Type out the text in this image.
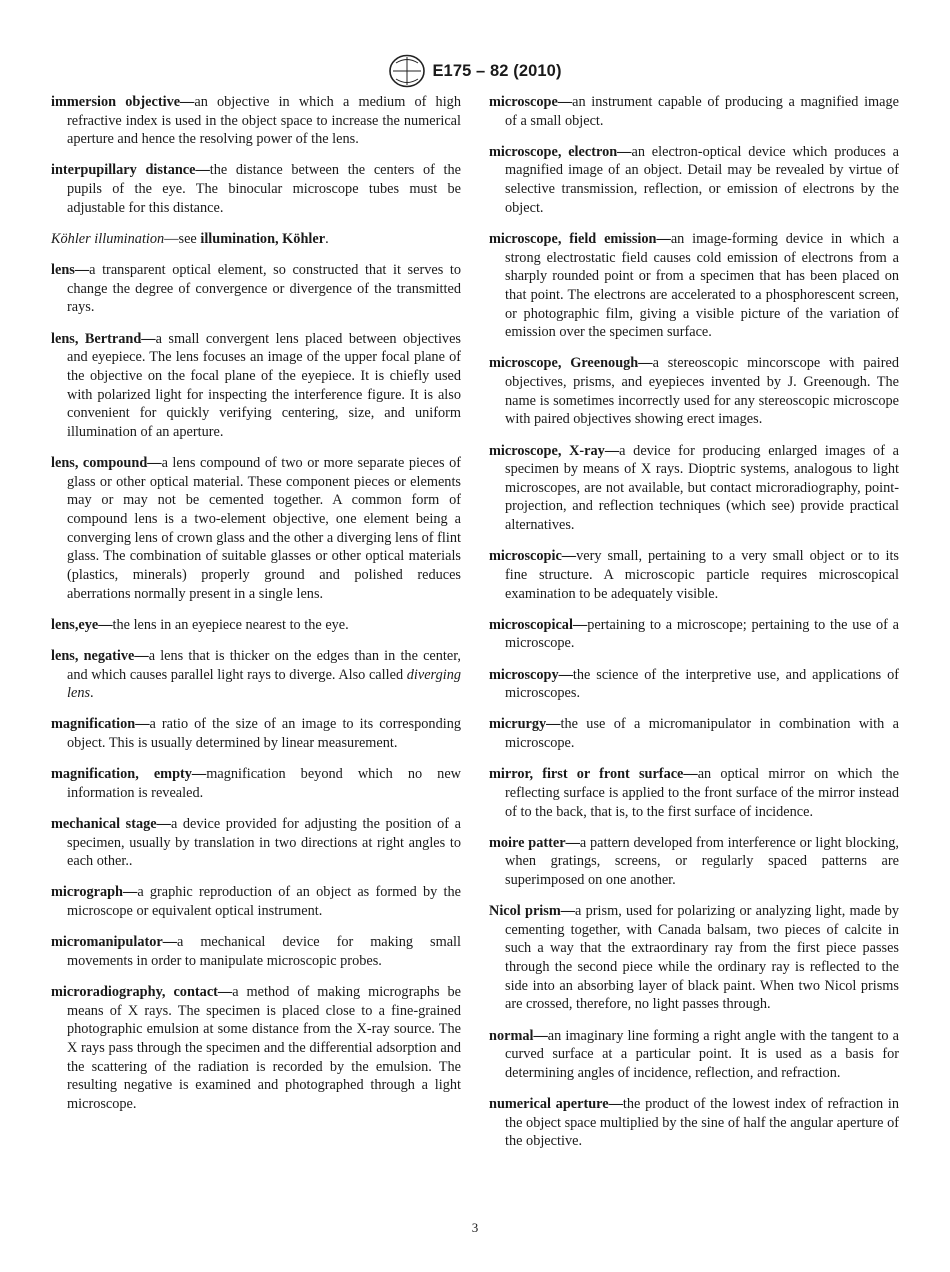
E175 – 82 (2010)

immersion objective—an objective in which a medium of high refractive index is used in the object space to increase the numerical aperture and hence the resolving power of the lens.

interpupillary distance—the distance between the centers of the pupils of the eye. The binocular microscope tubes must be adjustable for this distance.

Köhler illumination—see illumination, Köhler.

lens—a transparent optical element, so constructed that it serves to change the degree of convergence or divergence of the transmitted rays.

lens, Bertrand—a small convergent lens placed between objectives and eyepiece. The lens focuses an image of the upper focal plane of the objective on the focal plane of the eyepiece. It is chiefly used with polarized light for inspecting the interference figure. It is also convenient for quickly verifying centering, size, and uniform illumination of an aperture.

lens, compound—a lens compound of two or more separate pieces of glass or other optical material. These component pieces or elements may or may not be cemented together. A common form of compound lens is a two-element objective, one element being a converging lens of crown glass and the other a diverging lens of flint glass. The combination of suitable glasses or other optical materials (plastics, minerals) properly ground and polished reduces aberrations normally present in a single lens.

lens,eye—the lens in an eyepiece nearest to the eye.

lens, negative—a lens that is thicker on the edges than in the center, and which causes parallel light rays to diverge. Also called diverging lens.

magnification—a ratio of the size of an image to its corresponding object. This is usually determined by linear measurement.

magnification, empty—magnification beyond which no new information is revealed.

mechanical stage—a device provided for adjusting the position of a specimen, usually by translation in two directions at right angles to each other..

micrograph—a graphic reproduction of an object as formed by the microscope or equivalent optical instrument.

micromanipulator—a mechanical device for making small movements in order to manipulate microscopic probes.

microradiography, contact—a method of making micrographs be means of X rays. The specimen is placed close to a fine-grained photographic emulsion at some distance from the X-ray source. The X rays pass through the specimen and the differential adsorption and the scattering of the radiation is recorded by the emulsion. The resulting negative is examined and photographed through a light microscope.

microscope—an instrument capable of producing a magnified image of a small object.

microscope, electron—an electron-optical device which produces a magnified image of an object. Detail may be revealed by virtue of selective transmission, reflection, or emission of electrons by the object.

microscope, field emission—an image-forming device in which a strong electrostatic field causes cold emission of electrons from a sharply rounded point or from a specimen that has been placed on that point. The electrons are accelerated to a phosphorescent screen, or photographic film, giving a visible picture of the variation of emission over the specimen surface.

microscope, Greenough—a stereoscopic mincorscope with paired objectives, prisms, and eyepieces invented by J. Greenough. The name is sometimes incorrectly used for any stereoscopic microscope with paired objectives showing erect images.

microscope, X-ray—a device for producing enlarged images of a specimen by means of X rays. Dioptric systems, analogous to light microscopes, are not available, but contact microradiography, point-projection, and reflection techniques (which see) provide practical alternatives.

microscopic—very small, pertaining to a very small object or to its fine structure. A microscopic particle requires microscopical examination to be adequately visible.

microscopical—pertaining to a microscope; pertaining to the use of a microscope.

microscopy—the science of the interpretive use, and applications of microscopes.

micrurgy—the use of a micromanipulator in combination with a microscope.

mirror, first or front surface—an optical mirror on which the reflecting surface is applied to the front surface of the mirror instead of to the back, that is, to the first surface of incidence.

moire patter—a pattern developed from interference or light blocking, when gratings, screens, or regularly spaced patterns are superimposed on one another.

Nicol prism—a prism, used for polarizing or analyzing light, made by cementing together, with Canada balsam, two pieces of calcite in such a way that the extraordinary ray from the first piece passes through the second piece while the ordinary ray is reflected to the side into an absorbing layer of black paint. When two Nicol prisms are crossed, therefore, no light passes through.

normal—an imaginary line forming a right angle with the tangent to a curved surface at a particular point. It is used as a basis for determining angles of incidence, reflection, and refraction.

numerical aperture—the product of the lowest index of refraction in the object space multiplied by the sine of half the angular aperture of the objective.

3
